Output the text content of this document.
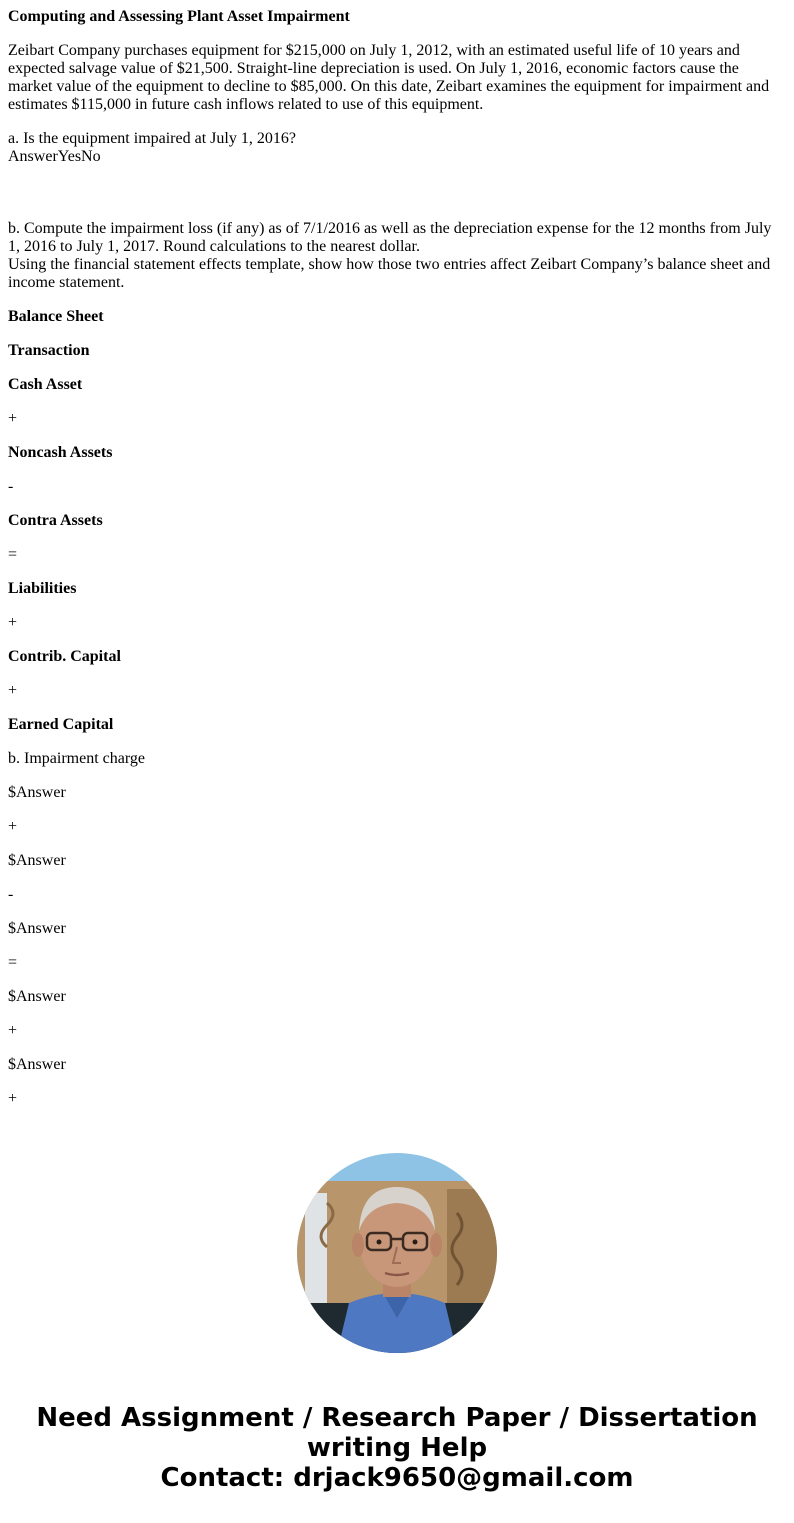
Computing and Assessing Plant Asset Impairment

Zeibart Company purchases equipment for $215,000 on July 1, 2012, with an estimated useful life of 10 years and expected salvage value of $21,500. Straight-line depreciation is used. On July 1, 2016, economic factors cause the market value of the equipment to decline to $85,000. On this date, Zeibart examines the equipment for impairment and estimates $115,000 in future cash inflows related to use of this equipment.

a. Is the equipment impaired at July 1, 2016?

AnswerYesNo

b. Compute the impairment loss (if any) as of 7/1/2016 as well as the depreciation expense for the 12 months from July 1, 2016 to July 1, 2017. Round calculations to the nearest dollar.

Using the financial statement effects template, show how those two entries affect Zeibart Company’s balance sheet and income statement.

Balance Sheet
Transaction
Cash Asset
+
Noncash Assets
-
Contra Assets
=
Liabilities
+
Contrib. Capital
+
Earned Capital
b. Impairment charge
$Answer
+
$Answer
-
$Answer
=
$Answer
+
$Answer
+
Need Assignment / Research Paper / Dissertation
writing Help
Contact: drjack9650@gmail.com
